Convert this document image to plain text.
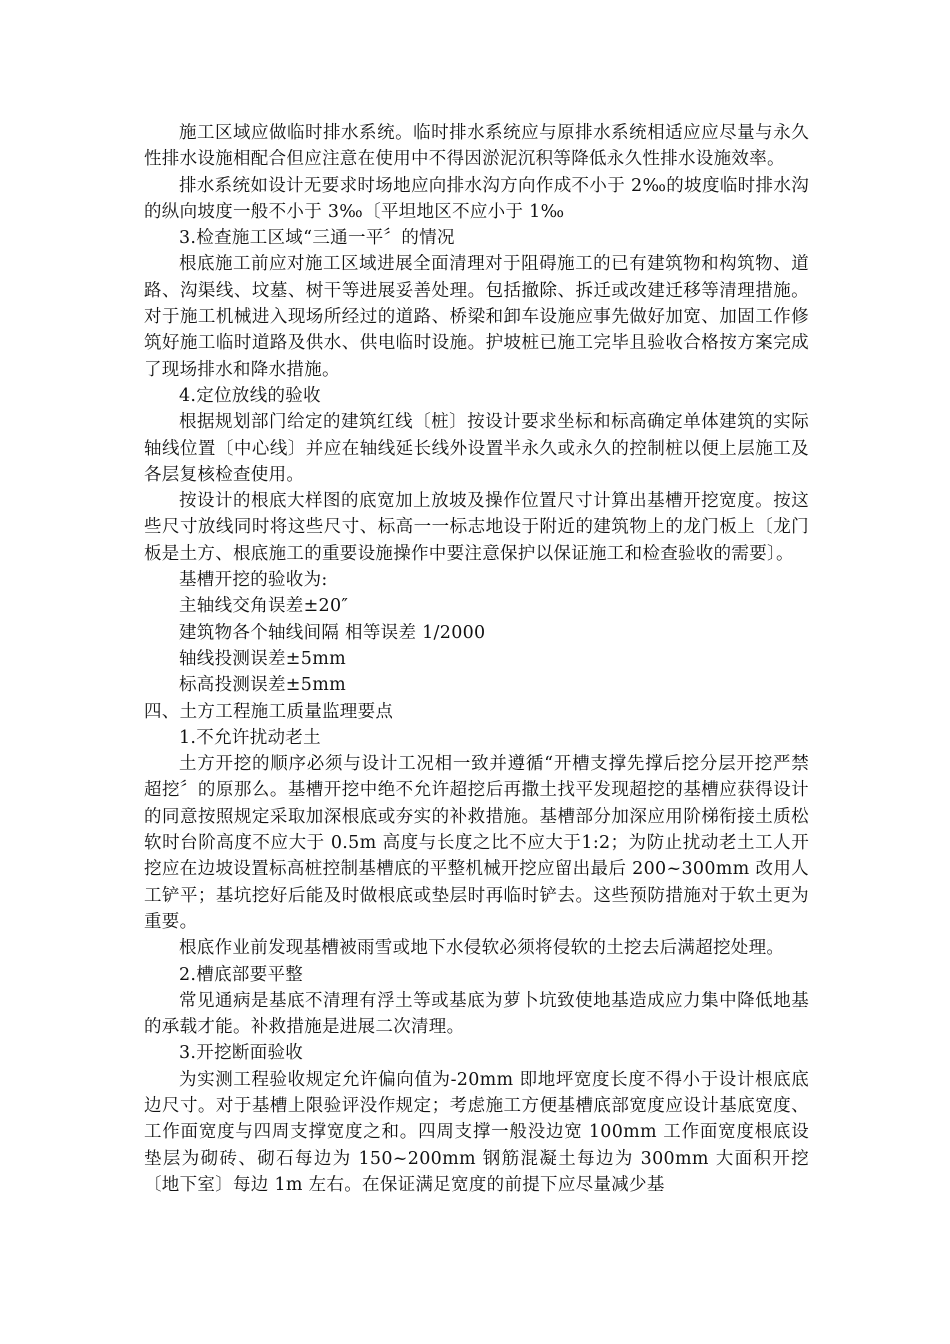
施工区域应做临时排水系统。临时排水系统应与原排水系统相适应应尽量与永久性排水设施相配合但应注意在使用中不得因淤泥沉积等降低永久性排水设施效率。

排水系统如设计无要求时场地应向排水沟方向作成不小于 2‰的坡度临时排水沟的纵向坡度一般不小于 3‰〔平坦地区不应小于 1‰

3.检查施工区域“三通一平〞的情况

根底施工前应对施工区域进展全面清理对于阻碍施工的已有建筑物和构筑物、道路、沟渠线、坟墓、树干等进展妥善处理。包括撤除、拆迁或改建迁移等清理措施。对于施工机械进入现场所经过的道路、桥梁和卸车设施应事先做好加宽、加固工作修筑好施工临时道路及供水、供电临时设施。护坡桩已施工完毕且验收合格按方案完成了现场排水和降水措施。

4.定位放线的验收

根据规划部门给定的建筑红线〔桩〕按设计要求坐标和标高确定单体建筑的实际轴线位置〔中心线〕并应在轴线延长线外设置半永久或永久的控制桩以便上层施工及各层复核检查使用。

按设计的根底大样图的底宽加上放坡及操作位置尺寸计算出基槽开挖宽度。按这些尺寸放线同时将这些尺寸、标高一一标志地设于附近的建筑物上的龙门板上〔龙门板是土方、根底施工的重要设施操作中要注意保护以保证施工和检查验收的需要〕。

基槽开挖的验收为:

主轴线交角误差±20″

建筑物各个轴线间隔 相等误差 1/2000

轴线投测误差±5mm

标高投测误差±5mm

四、土方工程施工质量监理要点

1.不允许扰动老土

土方开挖的顺序必须与设计工况相一致并遵循“开槽支撑先撑后挖分层开挖严禁超挖〞的原那么。基槽开挖中绝不允许超挖后再撒土找平发现超挖的基槽应获得设计的同意按照规定采取加深根底或夯实的补救措施。基槽部分加深应用阶梯衔接土质松软时台阶高度不应大于 0.5m 高度与长度之比不应大于1:2；为防止扰动老土工人开挖应在边坡设置标高桩控制基槽底的平整机械开挖应留出最后 200~300mm 改用人工铲平；基坑挖好后能及时做根底或垫层时再临时铲去。这些预防措施对于软土更为重要。

根底作业前发现基槽被雨雪或地下水侵软必须将侵软的土挖去后满超挖处理。

2.槽底部要平整

常见通病是基底不清理有浮土等或基底为萝卜坑致使地基造成应力集中降低地基的承载才能。补救措施是进展二次清理。

3.开挖断面验收

为实测工程验收规定允许偏向值为-20mm 即地坪宽度长度不得小于设计根底底边尺寸。对于基槽上限验评没作规定；考虑施工方便基槽底部宽度应设计基底宽度、工作面宽度与四周支撑宽度之和。四周支撑一般没边宽 100mm 工作面宽度根底设垫层为砌砖、砌石每边为 150~200mm 钢筋混凝土每边为 300mm 大面积开挖〔地下室〕每边 1m 左右。在保证满足宽度的前提下应尽量减少基
